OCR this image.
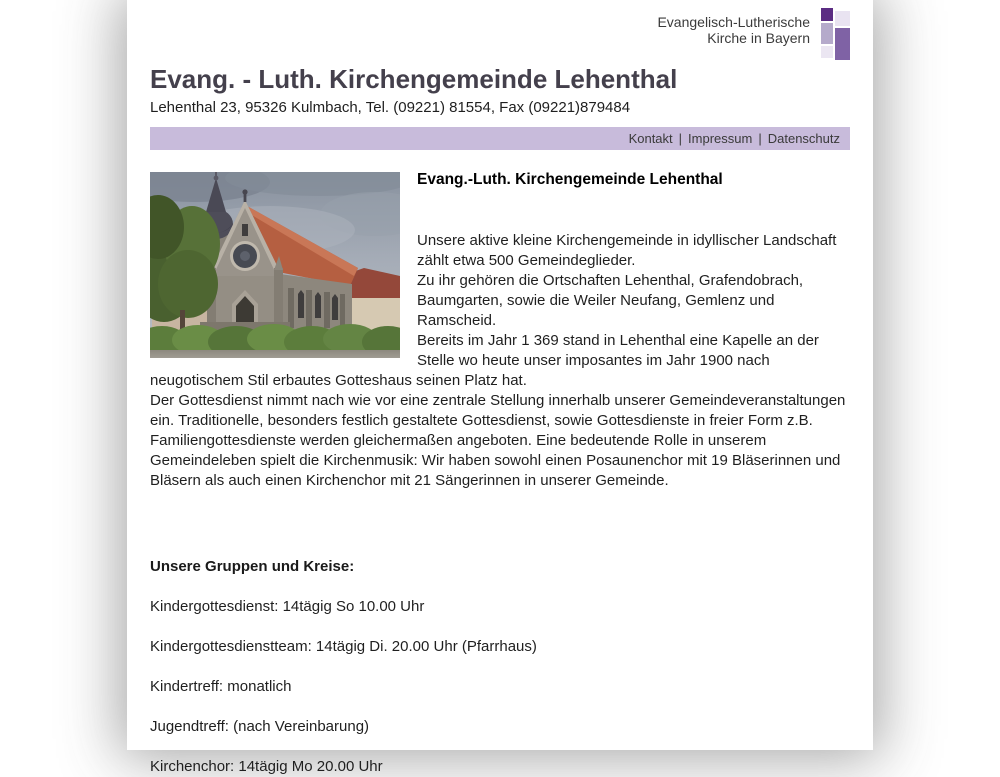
Evangelisch-Lutherische
Kirche in Bayern
Evang. - Luth. Kirchengemeinde Lehenthal
Lehenthal 23, 95326 Kulmbach, Tel. (09221) 81554, Fax (09221)879484
Kontakt | Impressum | Datenschutz
Evang.-Luth. Kirchengemeinde Lehenthal

Unsere aktive kleine Kirchengemeinde in idyllischer Landschaft zählt etwa 500 Gemeindeglieder.

Zu ihr gehören die Ortschaften Lehenthal, Grafendobrach, Baumgarten, sowie die Weiler Neufang, Gemlenz und Ramscheid.

Bereits im Jahr 1 369 stand in Lehenthal eine Kapelle an der Stelle wo heute unser imposantes im Jahr 1900 nach neugotischem Stil erbautes Gotteshaus seinen Platz hat.

Der Gottesdienst nimmt nach wie vor eine zentrale Stellung innerhalb unserer Gemeindeveranstaltungen ein. Traditionelle, besonders festlich gestaltete Gottesdienst, sowie Gottesdienste in freier Form z.B. Familiengottesdienste werden gleichermaßen angeboten. Eine bedeutende Rolle in unserem Gemeindeleben spielt die Kirchenmusik: Wir haben sowohl einen Posaunenchor mit 19 Bläserinnen und Bläsern als auch einen Kirchenchor mit 21 Sängerinnen in unserer Gemeinde.

Unsere Gruppen und Kreise:
Kindergottesdienst: 14tägig So 10.00 Uhr
Kindergottesdienstteam: 14tägig Di. 20.00 Uhr (Pfarrhaus)
Kindertreff: monatlich
Jugendtreff: (nach Vereinbarung)
Kirchenchor: 14tägig Mo 20.00 Uhr
